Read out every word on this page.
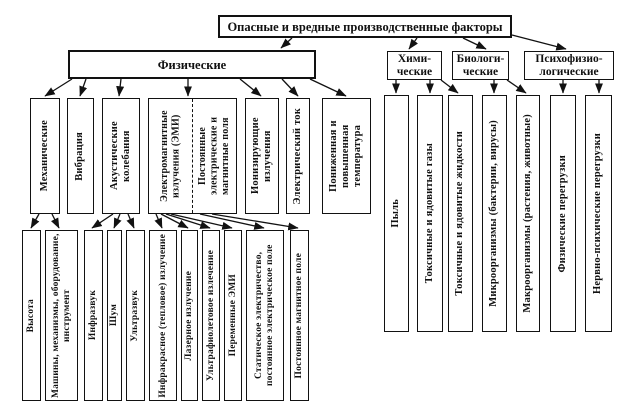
Опасные и вредные производственные факторы
Физические	Хими-
ческие
Биологи-
ческие
Психофизио-
логические
Механические Вибрация Акустические колебания	Электромагнитные излучения (ЭМИ) Постоянные электрические и магнитные поля Ионизирующие излучения Электрический ток Пониженная и повышенная температура
Высота Машины, механизмы, оборудование, инструмент Инфразвук Шум Ультразвук Инфракрасное (тепловое) излучение Лазерное излучение Ультрафиолетовое излечение Переменные ЭМИ Статическое электричество, постоянное электрическое поле Постоянное магнитное поле
Пыль Токсичные и ядовитые газы Токсичные и ядовитые жидкости Микроорганизмы (бактерии, вирусы) Макроорганизмы (растения, животные) Физические перегрузки Нервно-психические перегрузки
